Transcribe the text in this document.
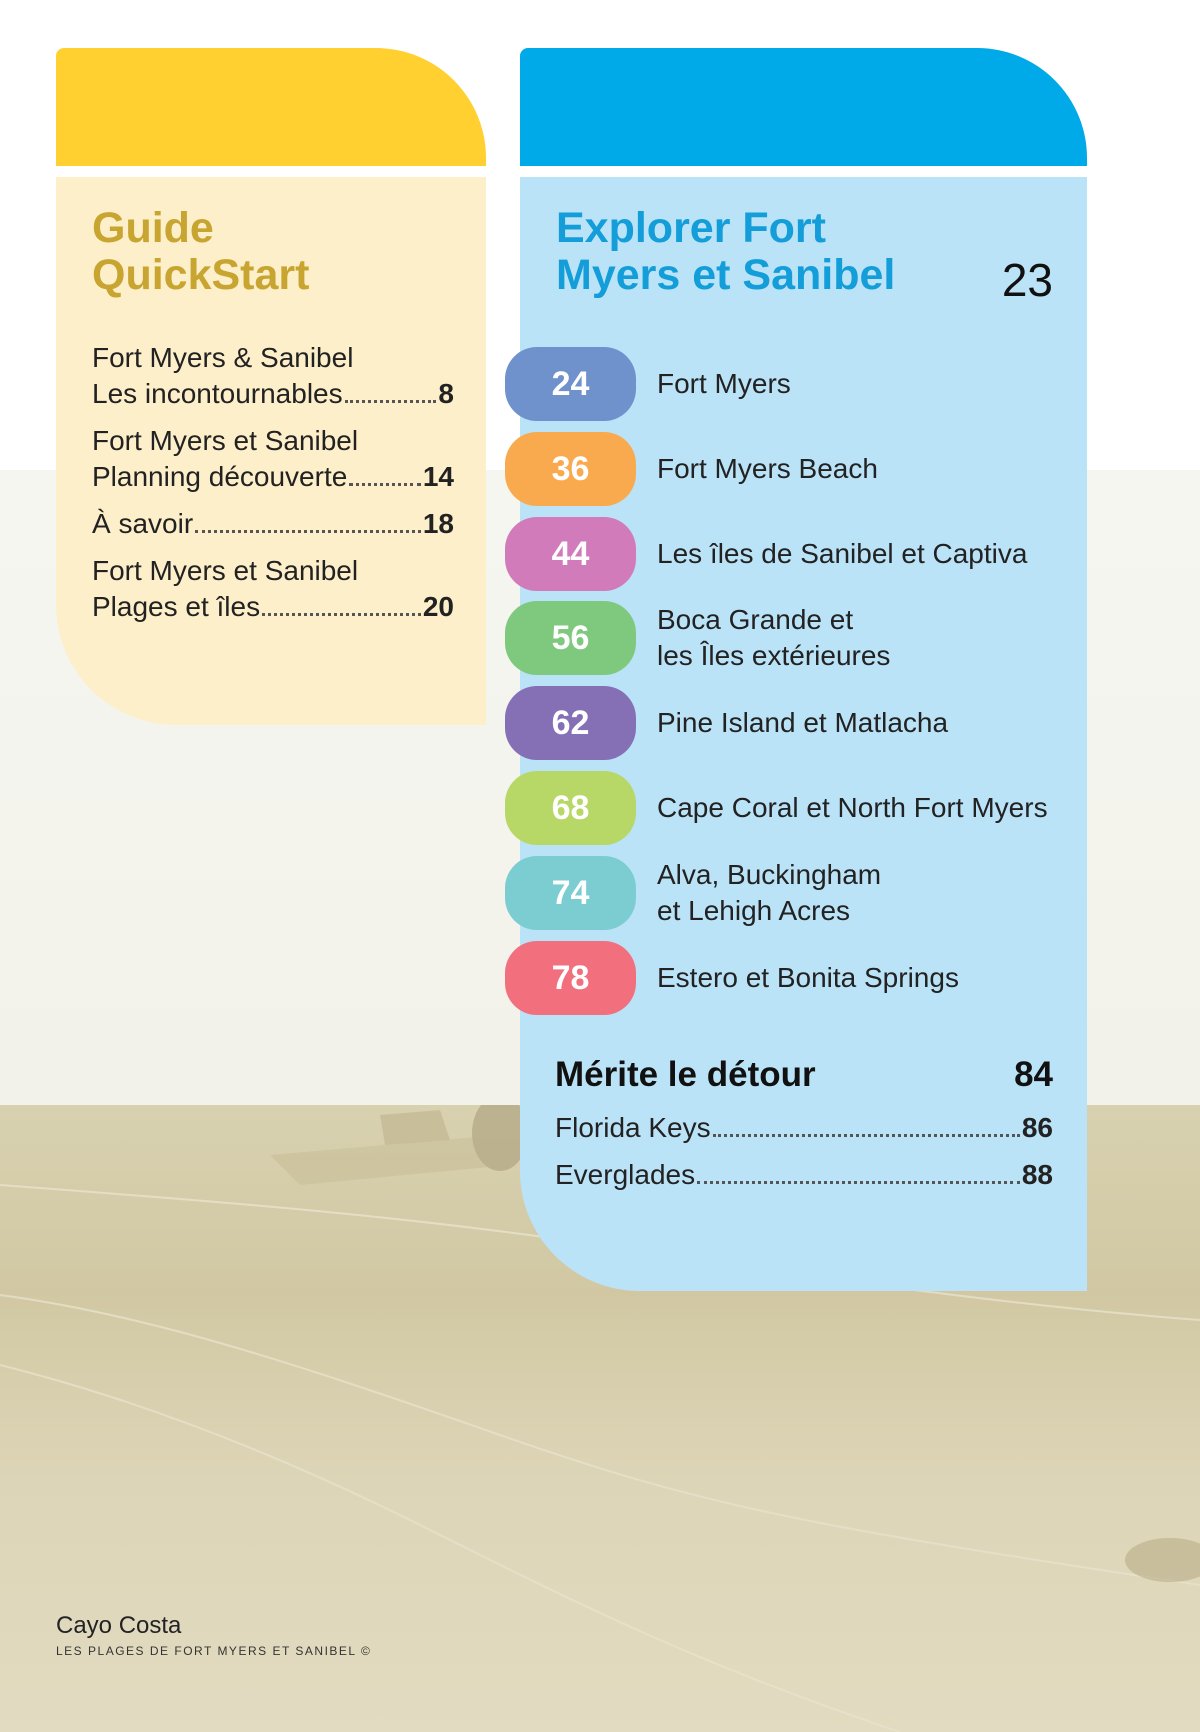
Guide
QuickStart
Fort Myers & Sanibel
Les incontournables	8
Fort Myers et Sanibel
Planning découverte	14
À savoir	18
Fort Myers et Sanibel
Plages et îles	20
Explorer Fort
Myers et Sanibel 23
24 Fort Myers
36 Fort Myers Beach
44 Les îles de Sanibel et Captiva
56 Boca Grande et
les Îles extérieures
62 Pine Island et Matlacha
68 Cape Coral et North Fort Myers
74 Alva, Buckingham
et Lehigh Acres
78 Estero et Bonita Springs
Mérite le détour	84
Florida Keys	86
Everglades	88
Cayo Costa
LES PLAGES DE FORT MYERS ET SANIBEL ©
